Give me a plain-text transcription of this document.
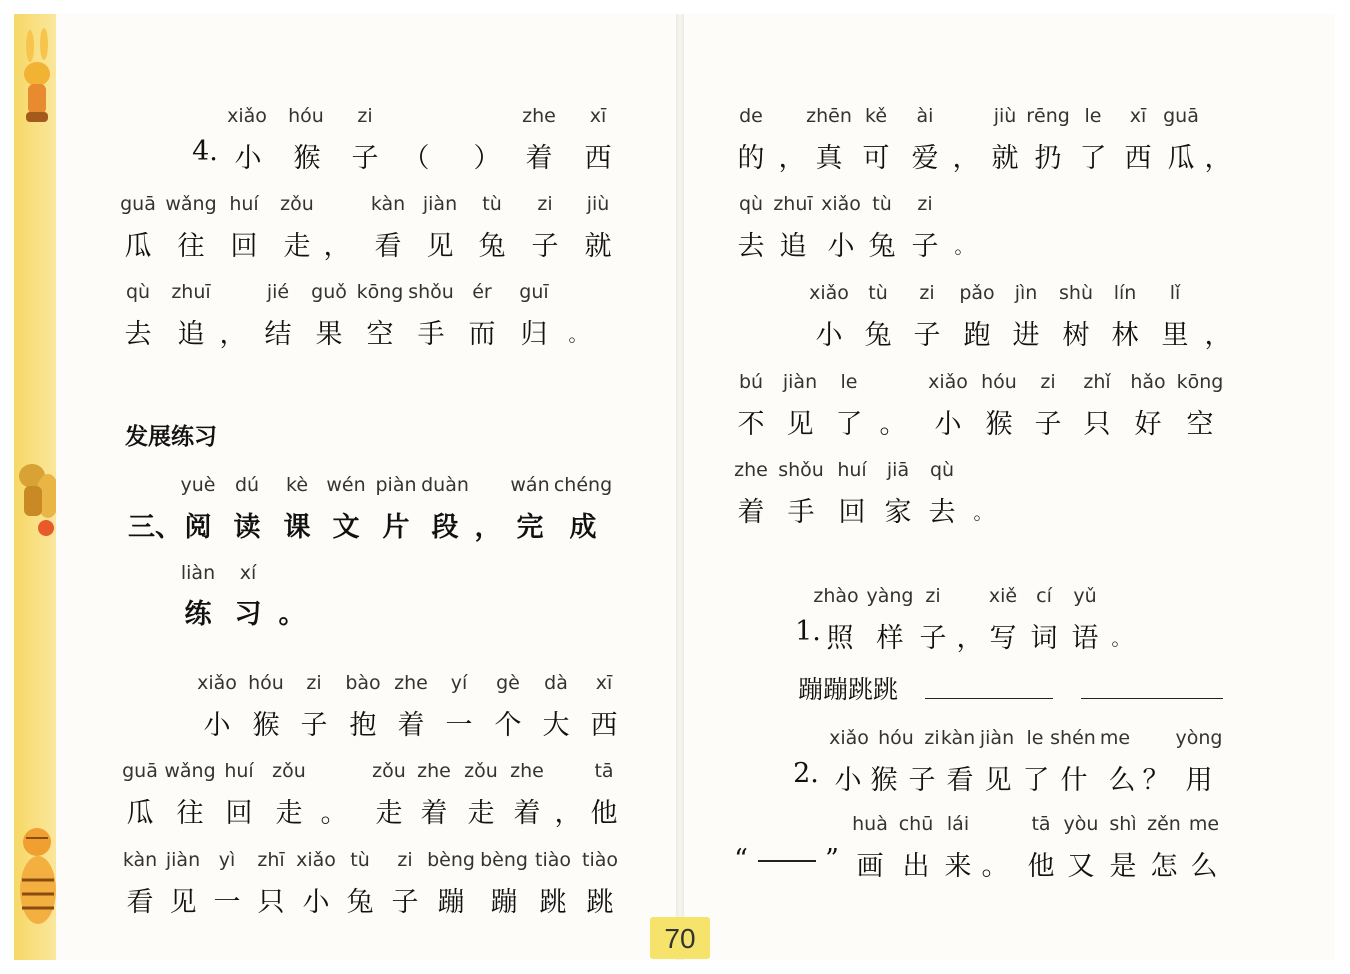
发展练习
蹦蹦跳跳
70
xiǎo hóu zi	zhe xī
4. 小 猴 子 （ ） 着 西
guā wǎng huí zǒu	kàn jiàn tù zi jiù
瓜 往 回 走 ， 看 见 兔 子 就
qù zhuī	jié guǒ kōng shǒu ér guī
去 追 ， 结 果 空 手 而 归 。
yuè dú kè wén piàn duàn wán chéng
三、 阅 读 课 文 片 段 ， 完 成
liàn xí
练 习 。
xiǎo hóu zi bào zhe yí gè dà xī
小 猴 子 抱 着 一 个 大 西
guā wǎng huí zǒu	zǒu zhe zǒu zhe	tā
瓜 往 回 走 。 走 着 走 着 ， 他
kàn jiàn yì zhī xiǎo tù zi bèng bèng tiào tiào
看 见 一 只 小 兔 子 蹦 蹦 跳 跳
de zhēn kě ài	jiù rēng le xī guā
的 ， 真 可 爱 ， 就 扔 了 西 瓜 ，
qù zhuī xiǎo tù zi
去 追 小 兔 子 。
xiǎo tù zi pǎo jìn shù lín lǐ
小 兔 子 跑 进 树 林 里 ，
bú jiàn le	xiǎo hóu zi zhǐ hǎo kōng
不 见 了 。 小 猴 子 只 好 空
zhe shǒu huí jiā qù
着 手 回 家 去 。
zhào yàng zi	xiě cí yǔ
1. 照 样 子 ， 写 词 语 。
xiǎo hóu zi kàn jiàn le shén me yòng
2. 小 猴 子 看 见 了 什 么 ？ 用
huà chū lái	tā yòu shì zěn me
“	” 画 出 来 。 他 又 是 怎 么
